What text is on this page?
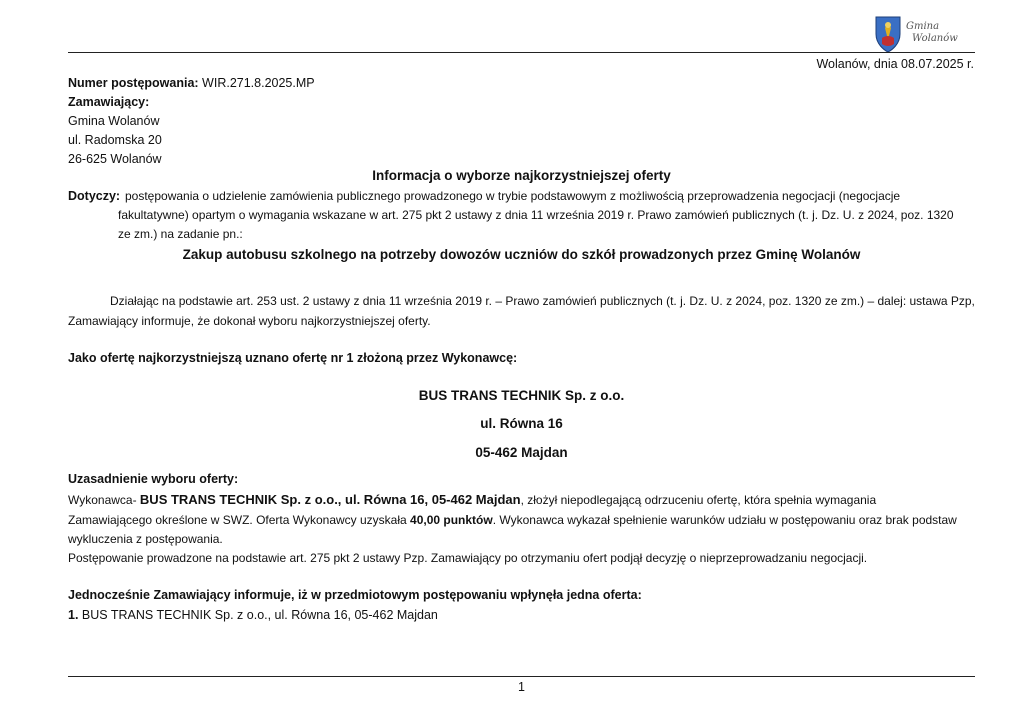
Gmina
Wolanów
Wolanów, dnia 08.07.2025 r.
Numer postępowania: WIR.271.8.2025.MP
Zamawiający:
Gmina Wolanów
ul. Radomska 20
26-625 Wolanów
Informacja o wyborze najkorzystniejszej oferty
Dotyczy: postępowania o udzielenie zamówienia publicznego prowadzonego w trybie podstawowym z możliwością przeprowadzenia negocjacji (negocjacje
fakultatywne) opartym o wymagania wskazane w art. 275 pkt 2 ustawy z dnia 11 września 2019 r. Prawo zamówień publicznych (t. j. Dz. U. z 2024, poz. 1320
ze zm.) na zadanie pn.:
Zakup autobusu szkolnego na potrzeby dowozów uczniów do szkół prowadzonych przez Gminę Wolanów
Działając na podstawie art. 253 ust. 2 ustawy z dnia 11 września 2019 r. – Prawo zamówień publicznych (t. j. Dz. U. z 2024, poz. 1320 ze zm.) – dalej: ustawa Pzp,
Zamawiający informuje, że dokonał wyboru najkorzystniejszej oferty.
Jako ofertę najkorzystniejszą uznano ofertę nr 1 złożoną przez Wykonawcę:
BUS TRANS TECHNIK Sp. z o.o.
ul. Równa 16
05-462 Majdan
Uzasadnienie wyboru oferty:
Wykonawca- BUS TRANS TECHNIK Sp. z o.o., ul. Równa 16, 05-462 Majdan, złożył niepodlegającą odrzuceniu ofertę, która spełnia wymagania
Zamawiającego określone w SWZ. Oferta Wykonawcy uzyskała 40,00 punktów. Wykonawca wykazał spełnienie warunków udziału w postępowaniu oraz brak podstaw
wykluczenia z postępowania.
Postępowanie prowadzone na podstawie art. 275 pkt 2 ustawy Pzp. Zamawiający po otrzymaniu ofert podjął decyzję o nieprzeprowadzaniu negocjacji.
Jednocześnie Zamawiający informuje, iż w przedmiotowym postępowaniu wpłynęła jedna oferta:
1. BUS TRANS TECHNIK Sp. z o.o., ul. Równa 16, 05-462 Majdan
1
